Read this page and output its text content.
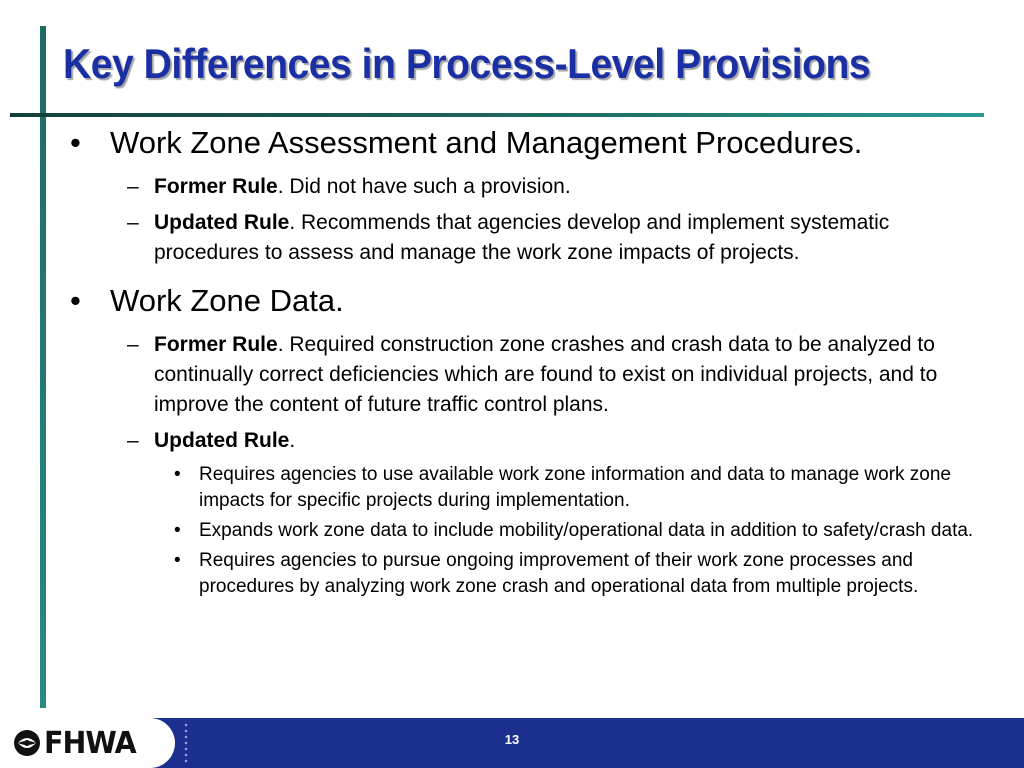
Key Differences in Process-Level Provisions
• Work Zone Assessment and Management Procedures.
– Former Rule. Did not have such a provision.
– Updated Rule. Recommends that agencies develop and implement systematic procedures to assess and manage the work zone impacts of projects.
• Work Zone Data.
– Former Rule. Required construction zone crashes and crash data to be analyzed to continually correct deficiencies which are found to exist on individual projects, and to improve the content of future traffic control plans.
– Updated Rule.
• Requires agencies to use available work zone information and data to manage work zone impacts for specific projects during implementation.
• Expands work zone data to include mobility/operational data in addition to safety/crash data.
• Requires agencies to pursue ongoing improvement of their work zone processes and procedures by analyzing work zone crash and operational data from multiple projects.
FHWA	13
